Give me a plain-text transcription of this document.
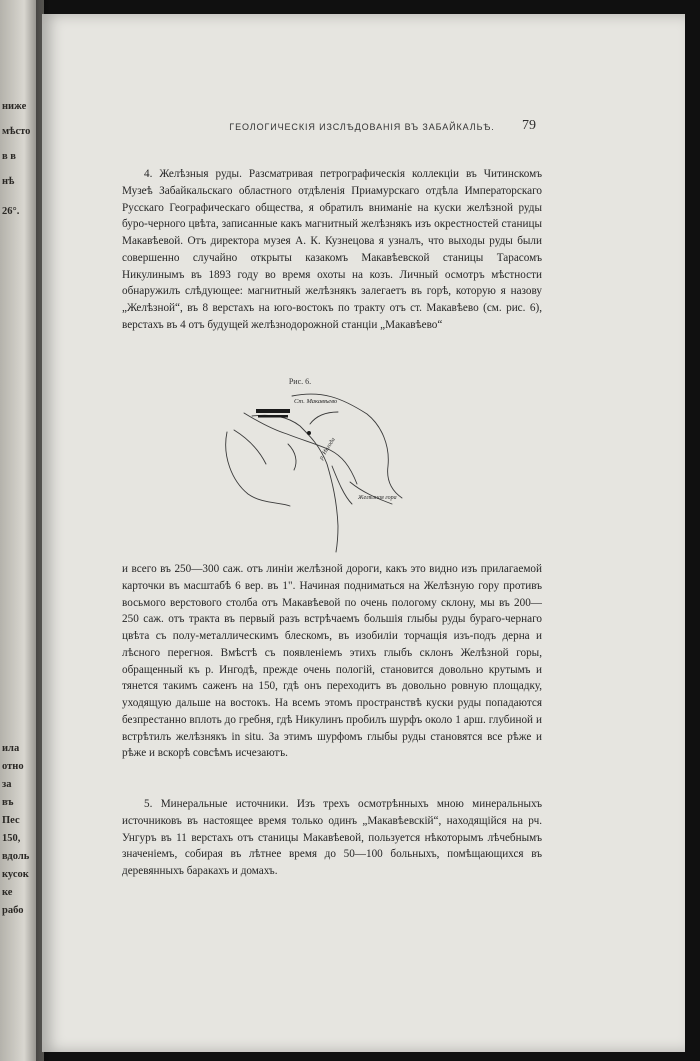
ниже
мѣсто
в в
нѣ
26°.
ила
отно
за
въ
Пес
150,
вдоль
кусок
ке
рабо
ГЕОЛОГИЧЕСКІЯ ИЗСЛѢДОВАНІЯ ВЪ ЗАБАЙКАЛЬѢ.	79

4. Желѣзныя руды. Разсматривая петрографическія коллекціи въ Читинскомъ Музеѣ Забайкальскаго областного отдѣленія Приамурскаго отдѣла Императорскаго Русскаго Географическаго общества, я обратилъ вниманіе на куски желѣзной руды буро-черного цвѣта, записанные какъ магнитный желѣзнякъ изъ окрестностей станицы Макавѣевой. Отъ директора музея А. К. Кузнецова я узналъ, что выходы руды были совершенно случайно открыты казакомъ Макавѣевской станицы Тарасомъ Никулинымъ въ 1893 году во время охоты на козъ. Личный осмотръ мѣстности обнаружилъ слѣдующее: магнитный желѣзнякъ залегаетъ въ горѣ, которую я назову „Желѣзной“, въ 8 верстахъ на юго-востокъ по тракту отъ ст. Макавѣево (см. рис. 6), верстахъ въ 4 отъ будущей желѣзнодорожной станціи „Макавѣево“

Рис. 6.
Ст. Макавѣево
р. Ингода
Желѣзная гора

и всего въ 250—300 саж. отъ линіи желѣзной дороги, какъ это видно изъ прилагаемой карточки въ масштабѣ 6 вер. въ 1". Начиная подниматься на Желѣзную гору противъ восьмого верстового столба отъ Макавѣевой по очень пологому склону, мы въ 200—250 саж. отъ тракта въ первый разъ встрѣчаемъ большія глыбы руды бураго-чернаго цвѣта съ полу-металлическимъ блескомъ, въ изобиліи торчащія изъ-подъ дерна и лѣсного перегноя. Вмѣстѣ съ появленіемъ этихъ глыбъ склонъ Желѣзной горы, обращенный къ р. Ингодѣ, прежде очень пологій, становится довольно крутымъ и тянется такимъ саженъ на 150, гдѣ онъ переходитъ въ довольно ровную площадку, уходящую дальше на востокъ. На всемъ этомъ пространствѣ куски руды попадаются безпрестанно вплоть до гребня, гдѣ Никулинъ пробилъ шурфъ около 1 арш. глубиной и встрѣтилъ желѣзнякъ in situ. За этимъ шурфомъ глыбы руды становятся все рѣже и рѣже и вскорѣ совсѣмъ исчезаютъ.

5. Минеральные источники. Изъ трехъ осмотрѣнныхъ мною минеральныхъ источниковъ въ настоящее время только одинъ „Макавѣевскій“, находящійся на рч. Унгуръ въ 11 верстахъ отъ станицы Макавѣевой, пользуется нѣкоторымъ лѣчебнымъ значеніемъ, собирая въ лѣтнее время до 50—100 больныхъ, помѣщающихся въ деревянныхъ баракахъ и домахъ.
